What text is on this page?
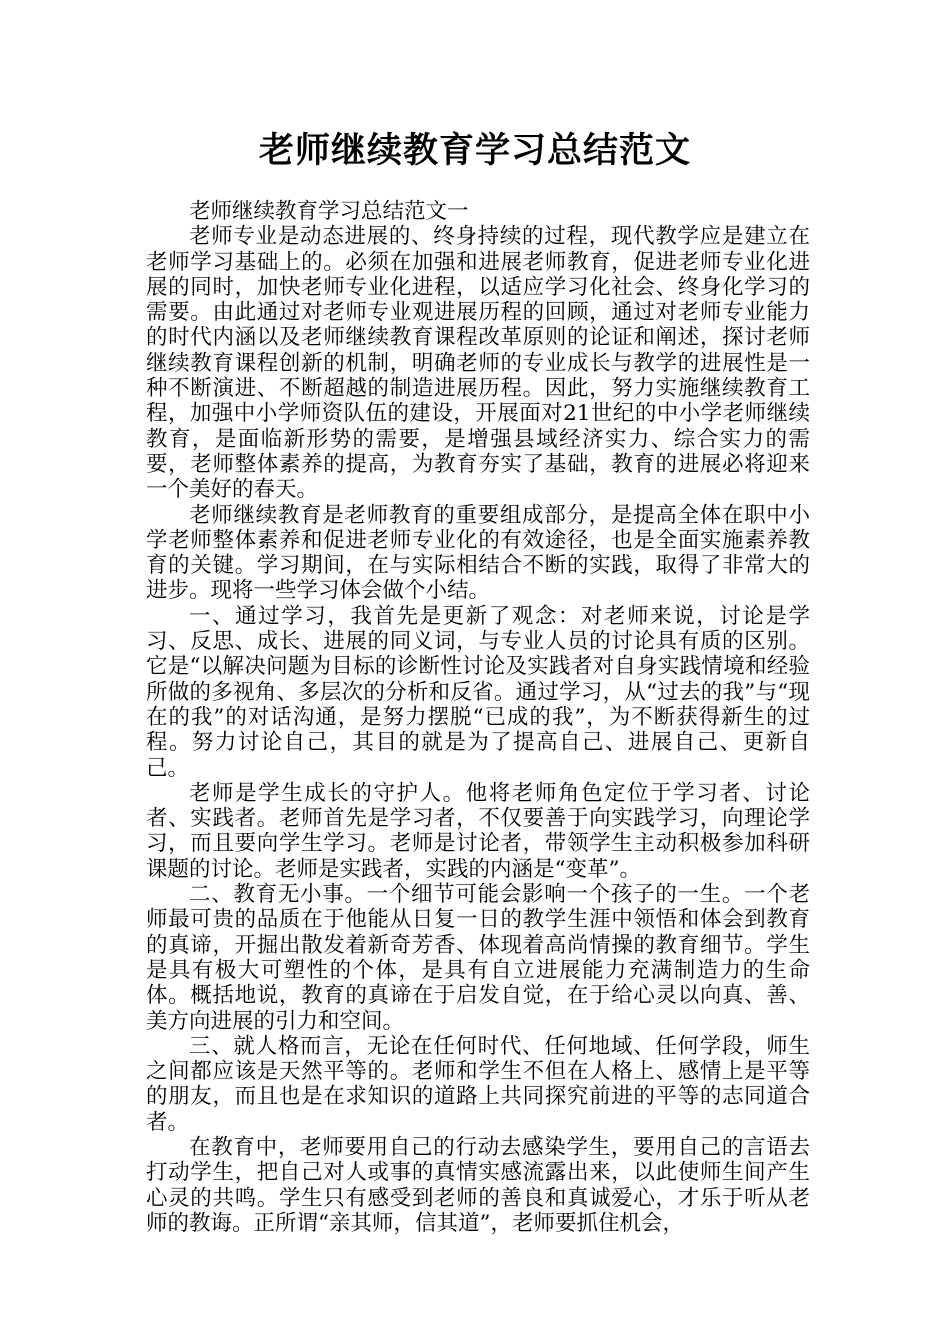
老师继续教育学习总结范文

老师继续教育学习总结范文一

老师专业是动态进展的、终身持续的过程，现代教学应是建立在老师学习基础上的。必须在加强和进展老师教育，促进老师专业化进展的同时，加快老师专业化进程，以适应学习化社会、终身化学习的需要。由此通过对老师专业观进展历程的回顾，通过对老师专业能力的时代内涵以及老师继续教育课程改革原则的论证和阐述，探讨老师继续教育课程创新的机制，明确老师的专业成长与教学的进展性是一种不断演进、不断超越的制造进展历程。因此，努力实施继续教育工程，加强中小学师资队伍的建设，开展面对21世纪的中小学老师继续教育，是面临新形势的需要，是增强县域经济实力、综合实力的需要，老师整体素养的提高，为教育夯实了基础，教育的进展必将迎来一个美好的春天。

老师继续教育是老师教育的重要组成部分，是提高全体在职中小学老师整体素养和促进老师专业化的有效途径，也是全面实施素养教育的关键。学习期间，在与实际相结合不断的实践，取得了非常大的进步。现将一些学习体会做个小结。

一、通过学习，我首先是更新了观念：对老师来说，讨论是学习、反思、成长、进展的同义词，与专业人员的讨论具有质的区别。它是“以解决问题为目标的诊断性讨论及实践者对自身实践情境和经验所做的多视角、多层次的分析和反省。通过学习，从“过去的我”与“现在的我”的对话沟通，是努力摆脱“已成的我”，为不断获得新生的过程。努力讨论自己，其目的就是为了提高自己、进展自己、更新自己。

老师是学生成长的守护人。他将老师角色定位于学习者、讨论者、实践者。老师首先是学习者，不仅要善于向实践学习，向理论学习，而且要向学生学习。老师是讨论者，带领学生主动积极参加科研课题的讨论。老师是实践者，实践的内涵是“变革”。

二、教育无小事。一个细节可能会影响一个孩子的一生。一个老师最可贵的品质在于他能从日复一日的教学生涯中领悟和体会到教育的真谛，开掘出散发着新奇芳香、体现着高尚情操的教育细节。学生是具有极大可塑性的个体，是具有自立进展能力充满制造力的生命体。概括地说，教育的真谛在于启发自觉，在于给心灵以向真、善、美方向进展的引力和空间。

三、就人格而言，无论在任何时代、任何地域、任何学段，师生之间都应该是天然平等的。老师和学生不但在人格上、感情上是平等的朋友，而且也是在求知识的道路上共同探究前进的平等的志同道合者。

在教育中，老师要用自己的行动去感染学生，要用自己的言语去打动学生，把自己对人或事的真情实感流露出来，以此使师生间产生心灵的共鸣。学生只有感受到老师的善良和真诚爱心，才乐于听从老师的教诲。正所谓“亲其师，信其道”，老师要抓住机会，
